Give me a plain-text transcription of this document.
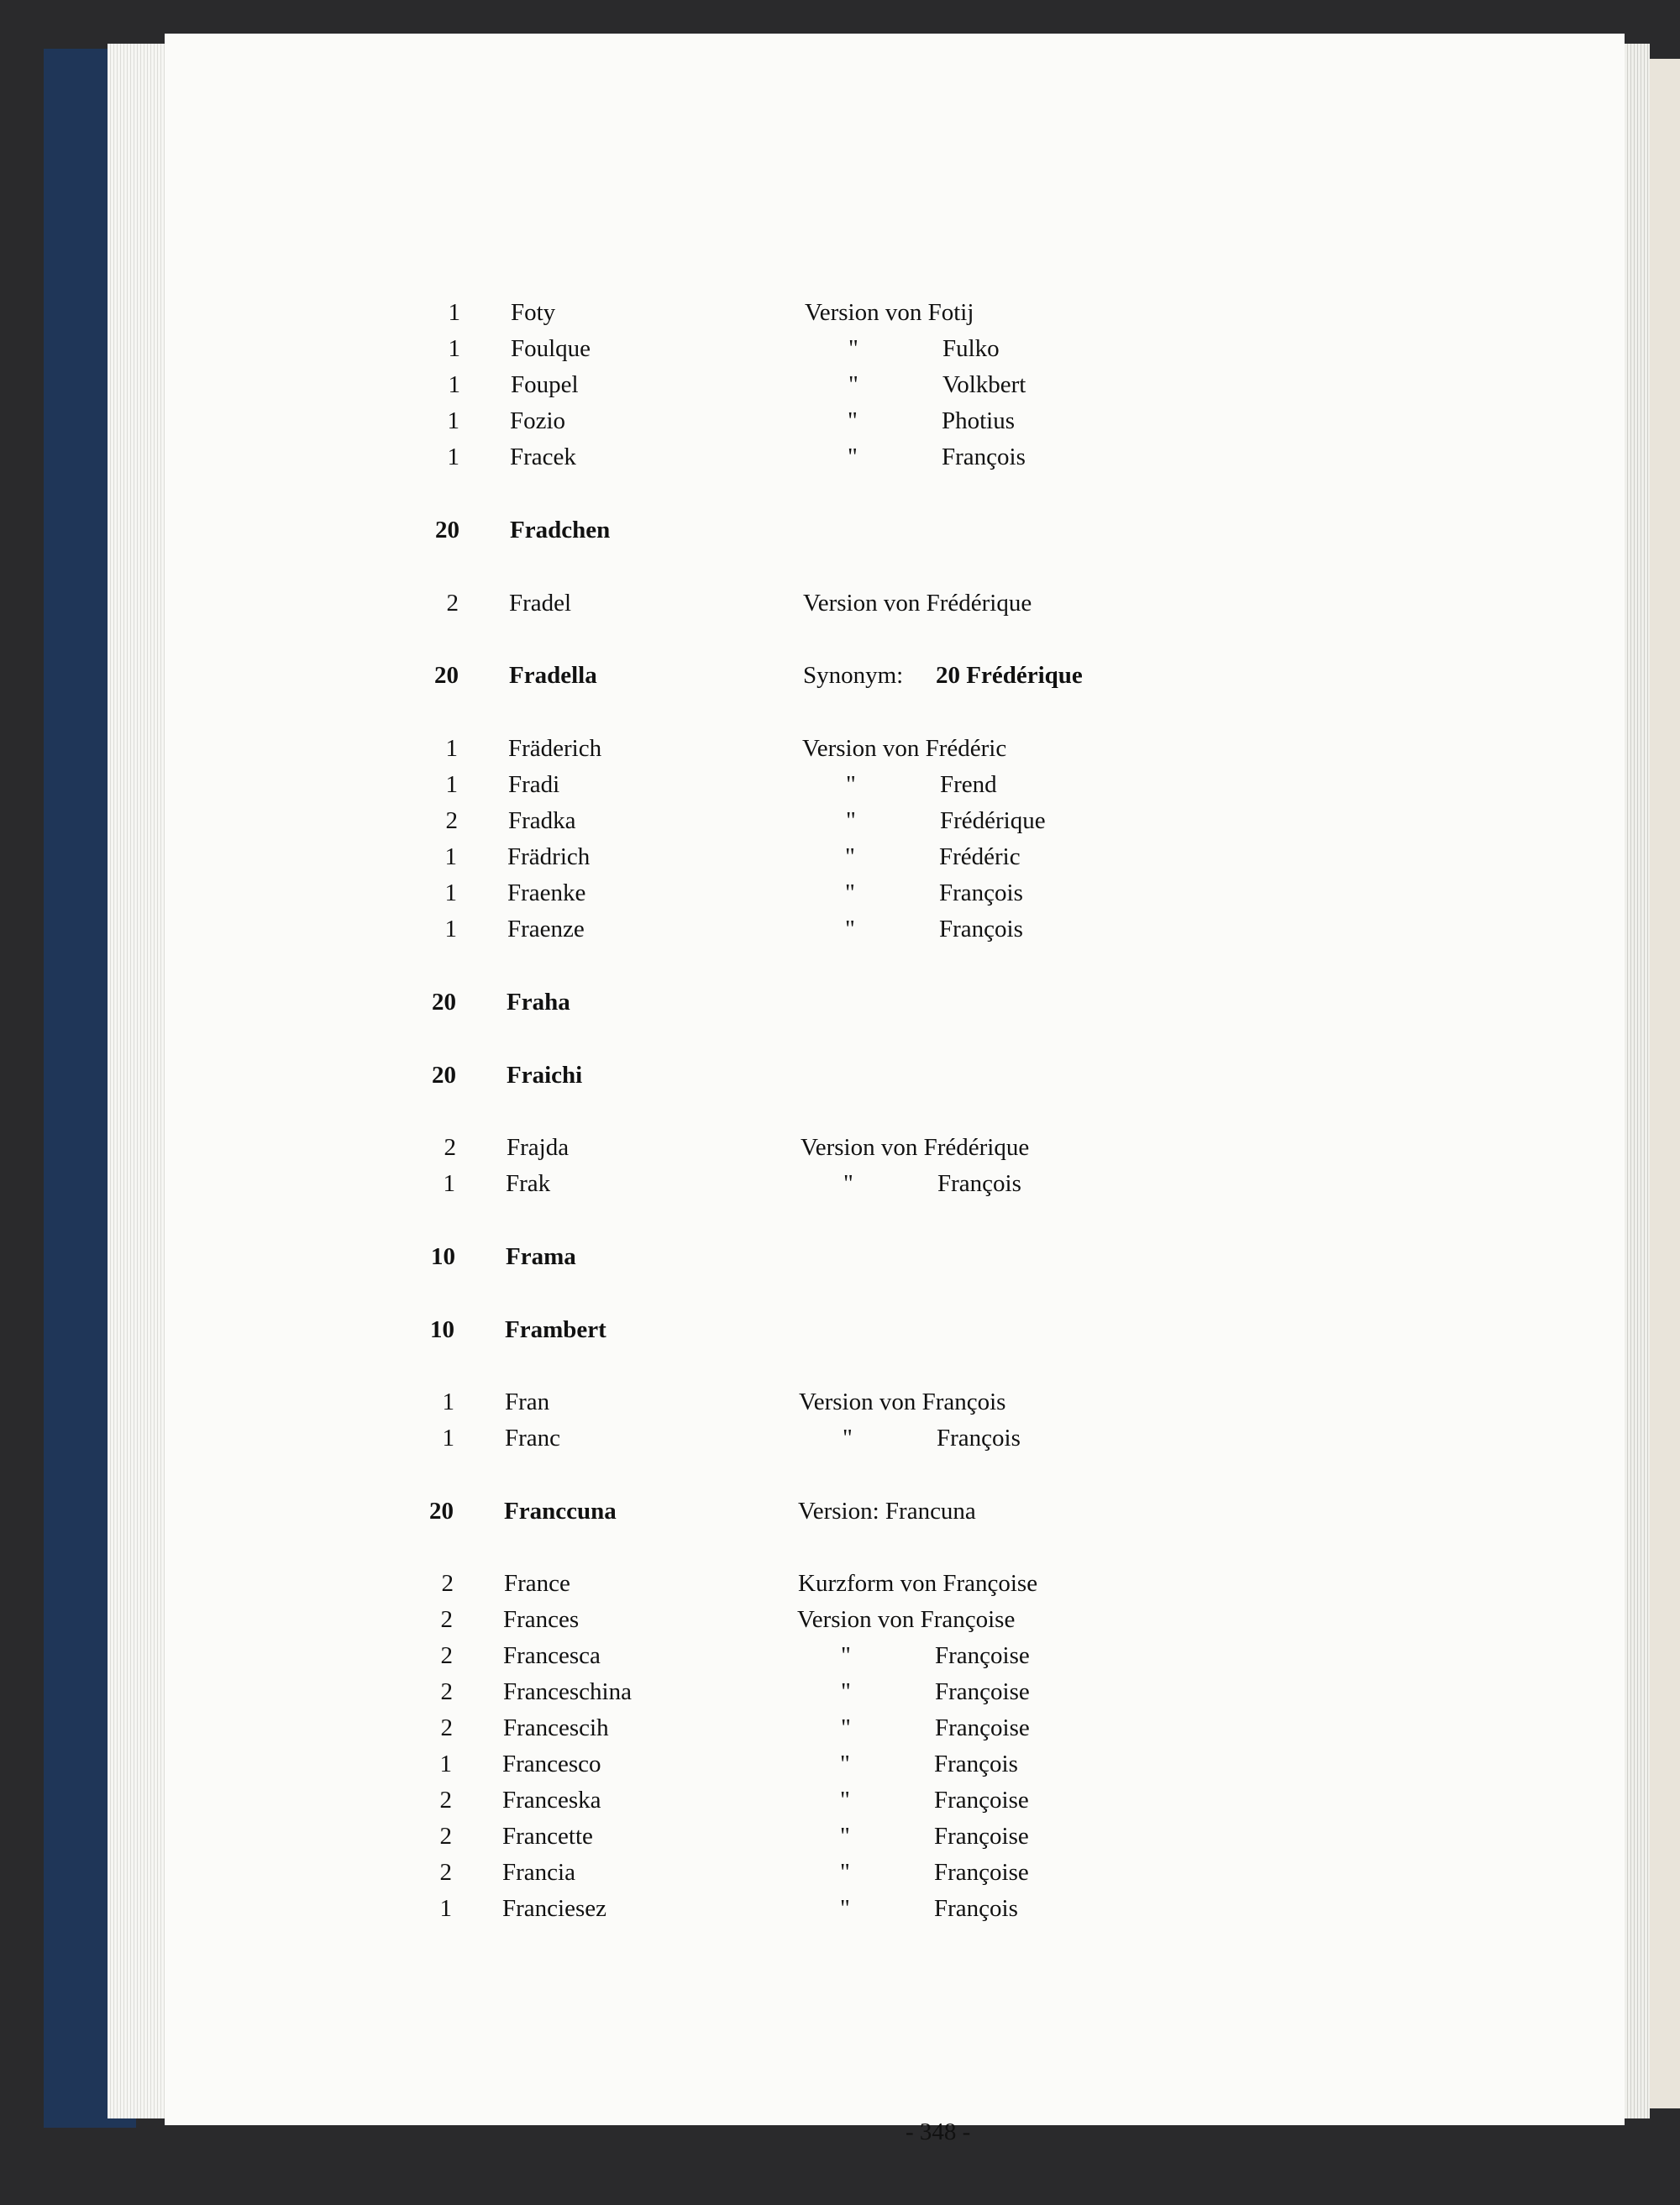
1 Foty	Version von Fotij
1 Foulque	"	Fulko
1 Foupel	"	Volkbert
1 Fozio	"	Photius
1 Fracek	"	François
20 Fradchen
2 Fradel	Version von Frédérique
20 Fradella	Synonym: 20 Frédérique
1 Fräderich	Version von Frédéric
1 Fradi	"	Frend
2 Fradka	"	Frédérique
1 Frädrich	"	Frédéric
1 Fraenke	"	François
1 Fraenze	"	François
20 Fraha
20 Fraichi
2 Frajda	Version von Frédérique
1 Frak	"	François
10 Frama
10 Frambert
1 Fran	Version von François
1 Franc	"	François
20 Franccuna	Version: Francuna
2 France	Kurzform von Françoise
2 Frances	Version von Françoise
2 Francesca	"	Françoise
2 Franceschina	"	Françoise
2 Francescih	"	Françoise
1 Francesco	"	François
2 Franceska	"	Françoise
2 Francette	"	Françoise
2 Francia	"	Françoise
1 Franciesez	"	François
- 348 -
